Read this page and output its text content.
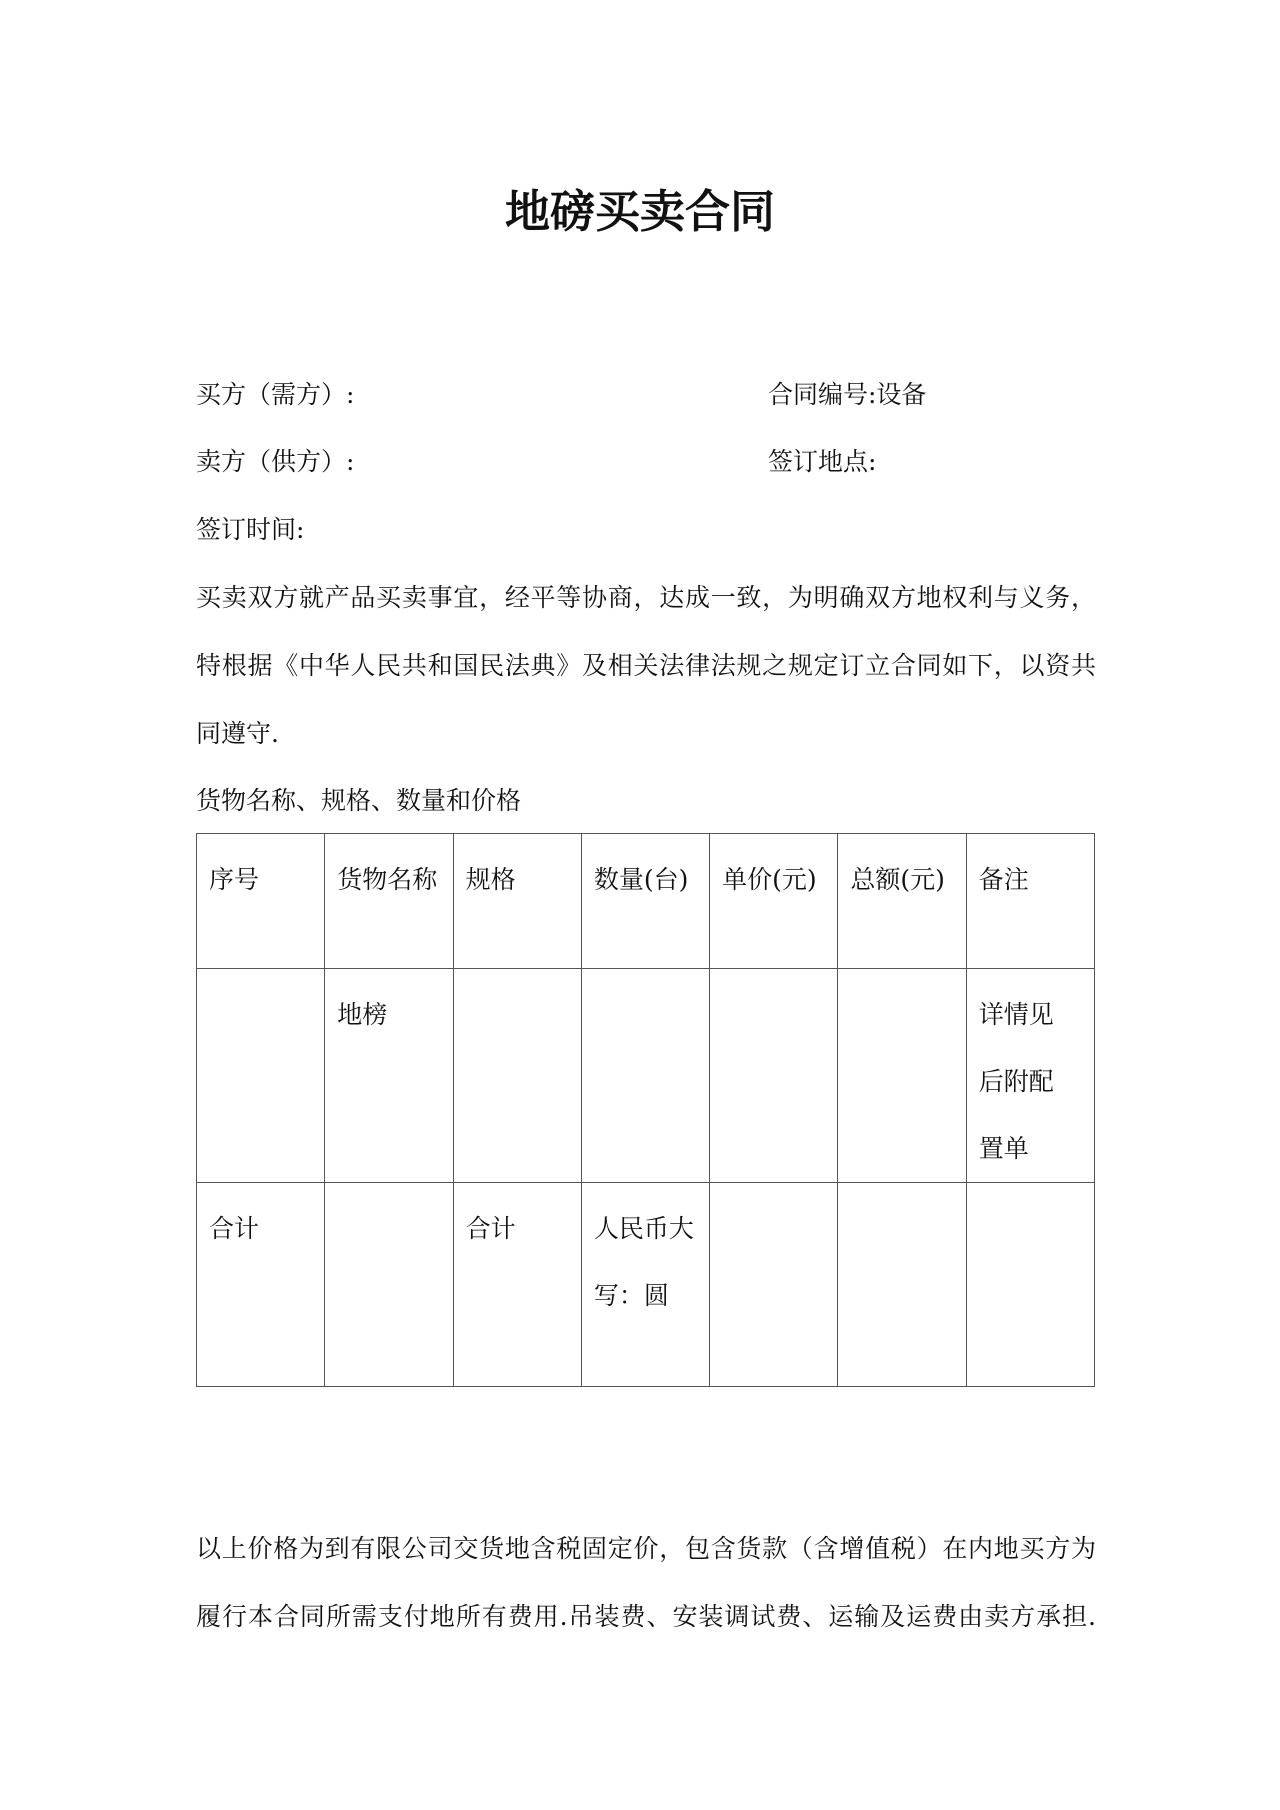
地磅买卖合同
买方（需方）:	合同编号:设备
卖方（供方）:	签订地点:
签订时间:
买卖双方就产品买卖事宜，经平等协商，达成一致，为明确双方地权利与义务，
特根据《中华人民共和国民法典》及相关法律法规之规定订立合同如下，以资共
同遵守.
货物名称、规格、数量和价格
序号	货物名称	规格	数量(台)	单价(元)	总额(元)	备注
	地榜					详情见
后附配
置单

合计		合计	人民币大
写：圆			

以上价格为到有限公司交货地含税固定价，包含货款（含增值税）在内地买方为
履行本合同所需支付地所有费用.吊装费、安装调试费、运输及运费由卖方承担.
